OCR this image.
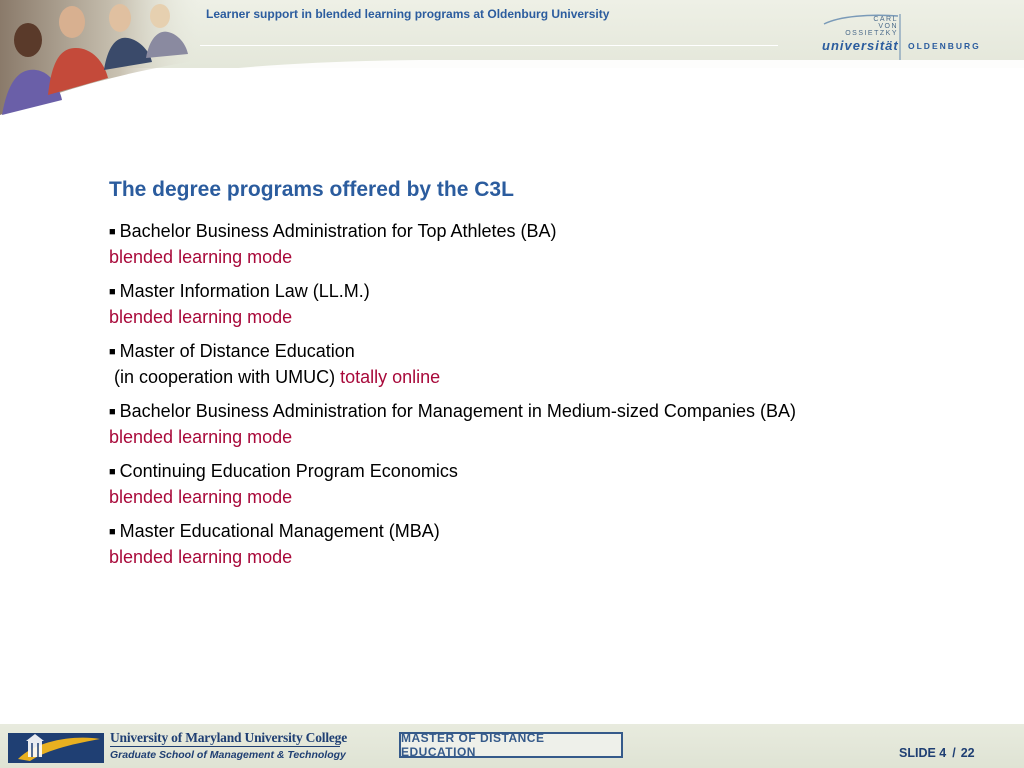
Learner support in blended learning programs at Oldenburg University	CARL
VON
OSSIETZKY
universität OLDENBURG
The degree programs offered by the C3L
■ Bachelor Business Administration for Top Athletes (BA)
blended learning mode
■ Master Information Law (LL.M.)
blended learning mode
■ Master of Distance Education
(in cooperation with UMUC) totally online
■ Bachelor Business Administration for Management in Medium-sized Companies (BA)
blended learning mode
■ Continuing Education Program Economics
blended learning mode
■ Master Educational Management (MBA)
blended learning mode
University of Maryland University College
Graduate School of Management & Technology
MASTER OF DISTANCE EDUCATION	SLIDE 4 / 22
